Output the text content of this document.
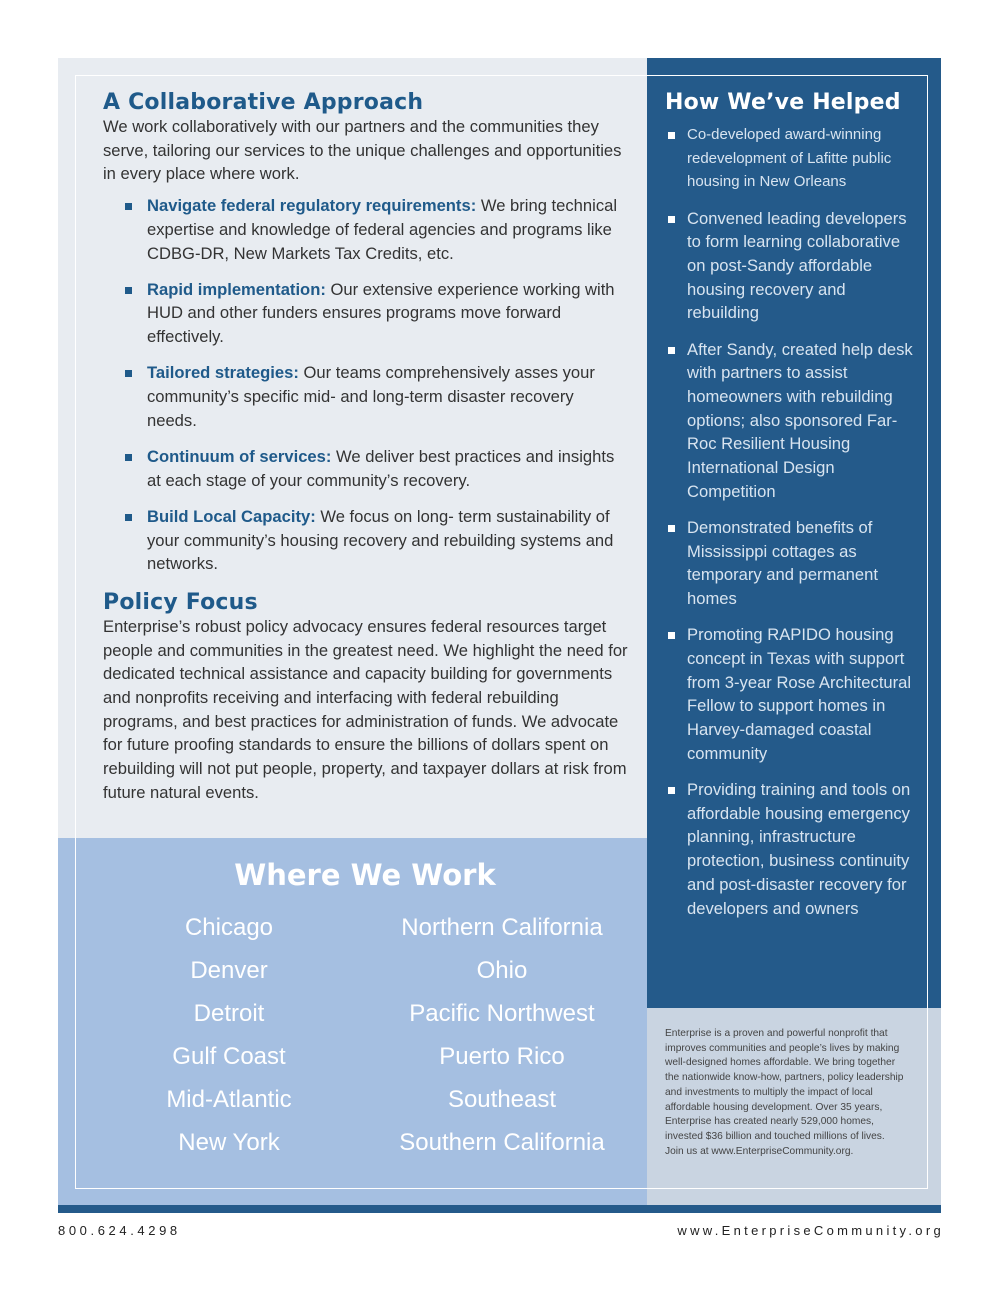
A Collaborative Approach

We work collaboratively with our partners and the communities they serve, tailoring our services to the unique challenges and opportunities in every place where work.

Navigate federal regulatory requirements: We bring technical expertise and knowledge of federal agencies and programs like CDBG-DR, New Markets Tax Credits, etc.
Rapid implementation: Our extensive experience working with HUD and other funders ensures programs move forward effectively.
Tailored strategies: Our teams comprehensively asses your community’s specific mid- and long-term disaster recovery needs.
Continuum of services: We deliver best practices and insights at each stage of your community’s recovery.
Build Local Capacity: We focus on long- term sustainability of your community’s housing recovery and rebuilding systems and networks.
Policy Focus

Enterprise’s robust policy advocacy ensures federal resources target people and communities in the greatest need. We highlight the need for dedicated technical assistance and capacity building for governments and nonprofits receiving and interfacing with federal rebuilding programs, and best practices for administration of funds. We advocate for future proofing standards to ensure the billions of dollars spent on rebuilding will not put people, property, and taxpayer dollars at risk from future natural events.

Where We Work
Chicago
Denver
Detroit
Gulf Coast
Mid-Atlantic
New York
Northern California
Ohio
Pacific Northwest
Puerto Rico
Southeast
Southern California
How We’ve Helped
Co-developed award-winning redevelopment of Lafitte public housing in New Orleans
Convened leading developers to form learning collaborative on post-Sandy affordable housing recovery and rebuilding
After Sandy, created help desk with partners to assist homeowners with rebuilding options; also sponsored Far-Roc Resilient Housing International Design Competition
Demonstrated benefits of Mississippi cottages as temporary and permanent homes
Promoting RAPIDO housing concept in Texas with support from 3-year Rose Architectural Fellow to support homes in Harvey-damaged coastal community
Providing training and tools on affordable housing emergency planning, infrastructure protection, business continuity and post-disaster recovery for developers and owners
Enterprise is a proven and powerful nonprofit that improves communities and people’s lives by making well-designed homes affordable. We bring together the nationwide know-how, partners, policy leadership and investments to multiply the impact of local affordable housing development. Over 35 years, Enterprise has created nearly 529,000 homes, invested $36 billion and touched millions of lives.
Join us at www.EnterpriseCommunity.org.
800.624.4298	www.EnterpriseCommunity.org
